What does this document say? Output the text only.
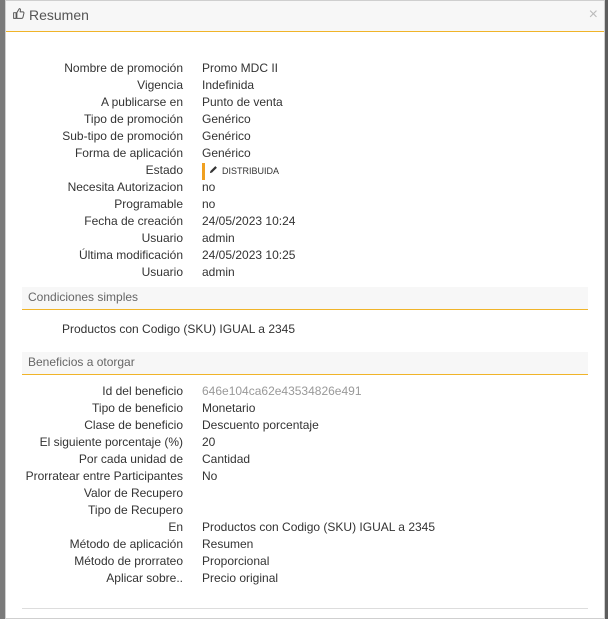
Resumen	×
Nombre de promoción Promo MDC II
Vigencia Indefinida
A publicarse en Punto de venta
Tipo de promoción Genérico
Sub-tipo de promoción Genérico
Forma de aplicación Genérico
Estado	DISTRIBUIDA
Necesita Autorizacion no
Programable no
Fecha de creación 24/05/2023 10:24
Usuario admin
Última modificación 24/05/2023 10:25
Usuario admin
Condiciones simples
Productos con Codigo (SKU) IGUAL a 2345
Beneficios a otorgar
Id del beneficio 646e104ca62e43534826e491
Tipo de beneficio Monetario
Clase de beneficio Descuento porcentaje
El siguiente porcentaje (%) 20
Por cada unidad de Cantidad
Prorratear entre Participantes No
Valor de Recupero
Tipo de Recupero
En Productos con Codigo (SKU) IGUAL a 2345
Método de aplicación Resumen
Método de prorrateo Proporcional
Aplicar sobre.. Precio original
